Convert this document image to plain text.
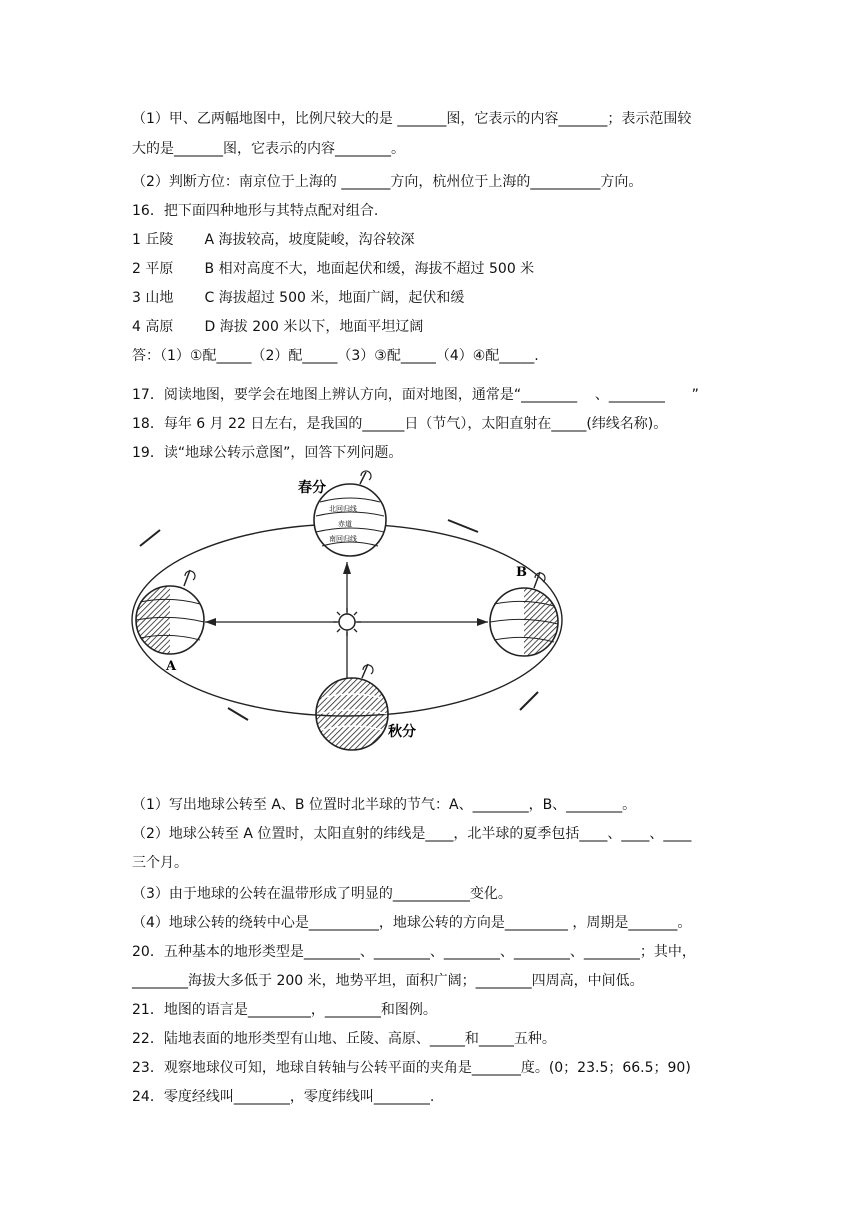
（1）甲、乙两幅地图中，比例尺较大的是 _______图，它表示的内容_______；表示范围较
大的是_______图，它表示的内容________。
（2）判断方位：南京位于上海的 _______方向，杭州位于上海的__________方向。
16．把下面四种地形与其特点配对组合.
1 丘陵       A 海拔较高，坡度陡峻，沟谷较深
2 平原       B 相对高度不大，地面起伏和缓，海拔不超过 500 米
3 山地       C 海拔超过 500 米，地面广阔，起伏和缓
4 高原       D 海拔 200 米以下，地面平坦辽阔
答：（1）①配_____（2）配_____（3）③配_____（4）④配_____.
17．阅读地图，要学会在地图上辨认方向，面对地图，通常是“________    、________      ”
18．每年 6 月 22 日左右，是我国的______日（节气），太阳直射在_____(纬线名称)。
19．读“地球公转示意图”，回答下列问题。
北回归线
赤道
南回归线
春分
A
B
秋分
（1）写出地球公转至 A、B 位置时北半球的节气：A、________，B、________。
（2）地球公转至 A 位置时，太阳直射的纬线是____，北半球的夏季包括____、____、____
三个月。
（3）由于地球的公转在温带形成了明显的___________变化。
（4）地球公转的绕转中心是__________，地球公转的方向是_________ ，周期是_______。
20．五种基本的地形类型是________、________、________、________、________；其中，
________海拔大多低于 200 米，地势平坦，面积广阔；________四周高，中间低。
21．地图的语言是_________，________和图例。
22．陆地表面的地形类型有山地、丘陵、高原、_____和_____五种。
23．观察地球仪可知，地球自转轴与公转平面的夹角是_______度。(0；23.5；66.5；90)
24．零度经线叫________，零度纬线叫________.
